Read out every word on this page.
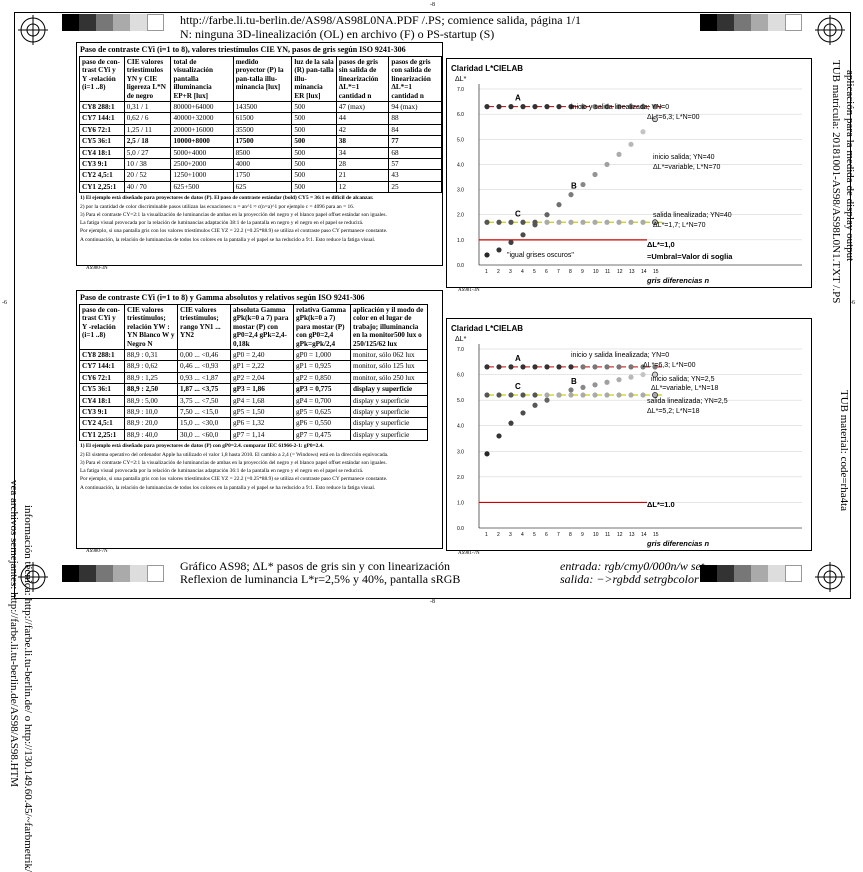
-8
-8
-6	-6
http://farbe.li.tu-berlin.de/AS98/AS98L0NA.PDF /.PS; comience salida, página 1/1
N: ninguna 3D-linealización (OL) en archivo (F) o PS-startup (S)
Gráfico AS98; ΔL* pasos de gris sin y con linearización
Reflexion de luminancia L*r=2,5% y 40%, pantalla sRGB
entrada: rgb/cmy0/000n/w set...
salida: −>rgbdd setrgbcolor
vea archivos semejantes: http://farbe.li.tu-berlin.de/AS98/AS98.HTM información técnica: http://farbe.li.tu-berlin.de/ o http://130.149.60.45/~farbmetrik/
TUB matrícula: 20181001-AS98/AS98L0N1.TXT /.PS aplicación para la medida de display output
TUB material: code=rha4ta
Paso de contraste CYi (i=1 to 8), valores triestímulos CIE YN, pasos de gris según ISO 9241-306
paso de con-trast CYi y Y -relación (i=1 ..8)	CIE valores triestímulos YN y CIE ligereza L*N de negro	total de visualización pantalla illuminancia EP+R [lux]	medido proyector (P) la pan-talla illu-minancia [lux]	luz de la sala (R) pan-talla illu-minancia ER [lux]	pasos de gris sin salida de linearización ΔL*=1 cantidad n	pasos de gris con salida de linearización ΔL*=1 cantidad n
CY8 288:1	0,31 / 1	80000+64000	143500	500	47 (max)	94 (max)
CY7 144:1	0,62 / 6	40000+32000	61500	500	44	88
CY6 72:1	1,25 / 11	20000+16000	35500	500	42	84
CY5 36:1	2,5 / 18	10000+8000	17500	500	38	77
CY4 18:1	5,0 / 27	5000+4000	8500	500	34	68
CY3 9:1	10 / 38	2500+2000	4000	500	28	57
CY2 4,5:1	20 / 52	1250+1000	1750	500	21	43
CY1 2,25:1	40 / 70	625+500	625	500	12	25
1) El ejemplo está diseñado para proyectores de datos (P). El paso de contraste estándar (bold) CY5 = 36:1 es difícil de alcanzar.
2) por la cantidad de color discriminable pasos utilizan las ecuaciones: n = an^1 ≈ c(n=a)^1 por ejemplo c = 4096 para an = 16.
3) Para el contraste CY=2:1 la visualización de luminancias de ambas en la proyección del negro y el blanco papel offset estándar son iguales.
La fatiga visual provocada por la relación de luminancias adaptación 38:1 de la pantalla en negro y el negro en el papel se reducirá.
Por ejemplo, si una pantalla gris con los valores triestímulos CIE YZ = 22.2 (=0.25*88.9) se utiliza el contraste paso CY permanece constante.
A continuación, la relación de luminancias de todos los colores en la pantalla y el papel se ha reducido a 9:1. Esto reduce la fatiga visual.
AS980-3N
Paso de contraste CYi (i=1 to 8) y Gamma absolutos y relativos según ISO 9241-306
paso de con-trast CYi y Y -relación (i=1 ..8)	CIE valores triestímulos; relación YW : YN Blanco W y Negro N	CIE valores triestímulos; rango YN1 ... YN2	absoluta Gamma gPk(k=0 a 7) para mostar (P) con gP0=2,4 gPk=2,4-0,18k	relativa Gamma gPk(k=0 a 7) para mostar (P) con gP0=2,4 gPk=gPk/2,4	aplicación y il modo de color en el lugar de trabajo; illuminancia en la monitor500 lux o 250/125/62 lux
CY8 288:1	88,9 : 0,31	0,00 ... <0,46	gP0 = 2,40	gP0 = 1,000	monitor, sólo 062 lux
CY7 144:1	88,9 : 0,62	0,46 ... <0,93	gP1 = 2,22	gP1 = 0,925	monitor, sólo 125 lux
CY6 72:1	88,9 : 1,25	0,93 ... <1,87	gP2 = 2,04	gP2 = 0,850	monitor, sólo 250 lux
CY5 36:1	88,9 : 2,50	1,87 ... <3,75	gP3 = 1,86	gP3 = 0,775	display y superficie
CY4 18:1	88,9 : 5,00	3,75 ... <7,50	gP4 = 1,68	gP4 = 0,700	display y superficie
CY3 9:1	88,9 : 10,0	7,50 ... <15,0	gP5 = 1,50	gP5 = 0,625	display y superficie
CY2 4,5:1	88,9 : 20,0	15,0 ... <30,0	gP6 = 1,32	gP6 = 0,550	display y superficie
CY1 2,25:1	88,9 : 40,0	30,0 ... <60,0	gP7 = 1,14	gP7 = 0,475	display y superficie
1) El ejemplo está diseñado para proyectores de datos (P) con gP0=2.4. comparar IEC 61966-2-1: gP0=2.4.
2) El sistema operativo del ordenador Apple ha utilizado el valor 1,8 hasta 2010. El cambio a 2,4 (= Windows) está en la dirección equivocada.
3) Para el contraste CY=2:1 la visualización de luminancias de ambas en la proyección del negro y el blanco papel offset estándar son iguales.
La fatiga visual provocada por la relación de luminancias adaptación 36:1 de la pantalla en negro y el negro en el papel se reducirá.
Por ejemplo, si una pantalla gris con los valores triestímulos CIE YZ = 22.2 (=0.25*88.9) se utiliza el contraste paso CY permanece constante.
A continuación, la relación de luminancias de todos los colores en la pantalla y el papel se ha reducido a 9:1. Esto reduce la fatiga visual.
AS980-7N
Claridad L*CIELAB
ΔL*
gris diferencias n
0.0
1.0
2.0
3.0
4.0
5.0
6.0
7.0
1 2 3 4 5 6 7 8 9 10 11 12 13 14 15
A
B
C
inicio y salida linealizada; YN=0
ΔL*=6,3; L*N=00
inicio salida; YN=40
ΔL*=variable, L*N=70
salida linealizada; YN=40
ΔL*=1,7; L*N=70
ΔL*=1,0
=Umbral=Valor di soglia
"igual grises oscuros"
AS981-3N
Claridad L*CIELAB
ΔL*
gris diferencias n
0.0
1.0
2.0
3.0
4.0
5.0
6.0
7.0
1 2 3 4 5 6 7 8 9 10 11 12 13 14 15
A
B
C
inicio y salida linealizada; YN=0
ΔL*=6,3; L*N=00
inicio salida; YN=2,5
ΔL*=variable, L*N=18
salida linealizada; YN=2,5
ΔL*=5,2; L*N=18
ΔL*=1.0
AS981-7N
